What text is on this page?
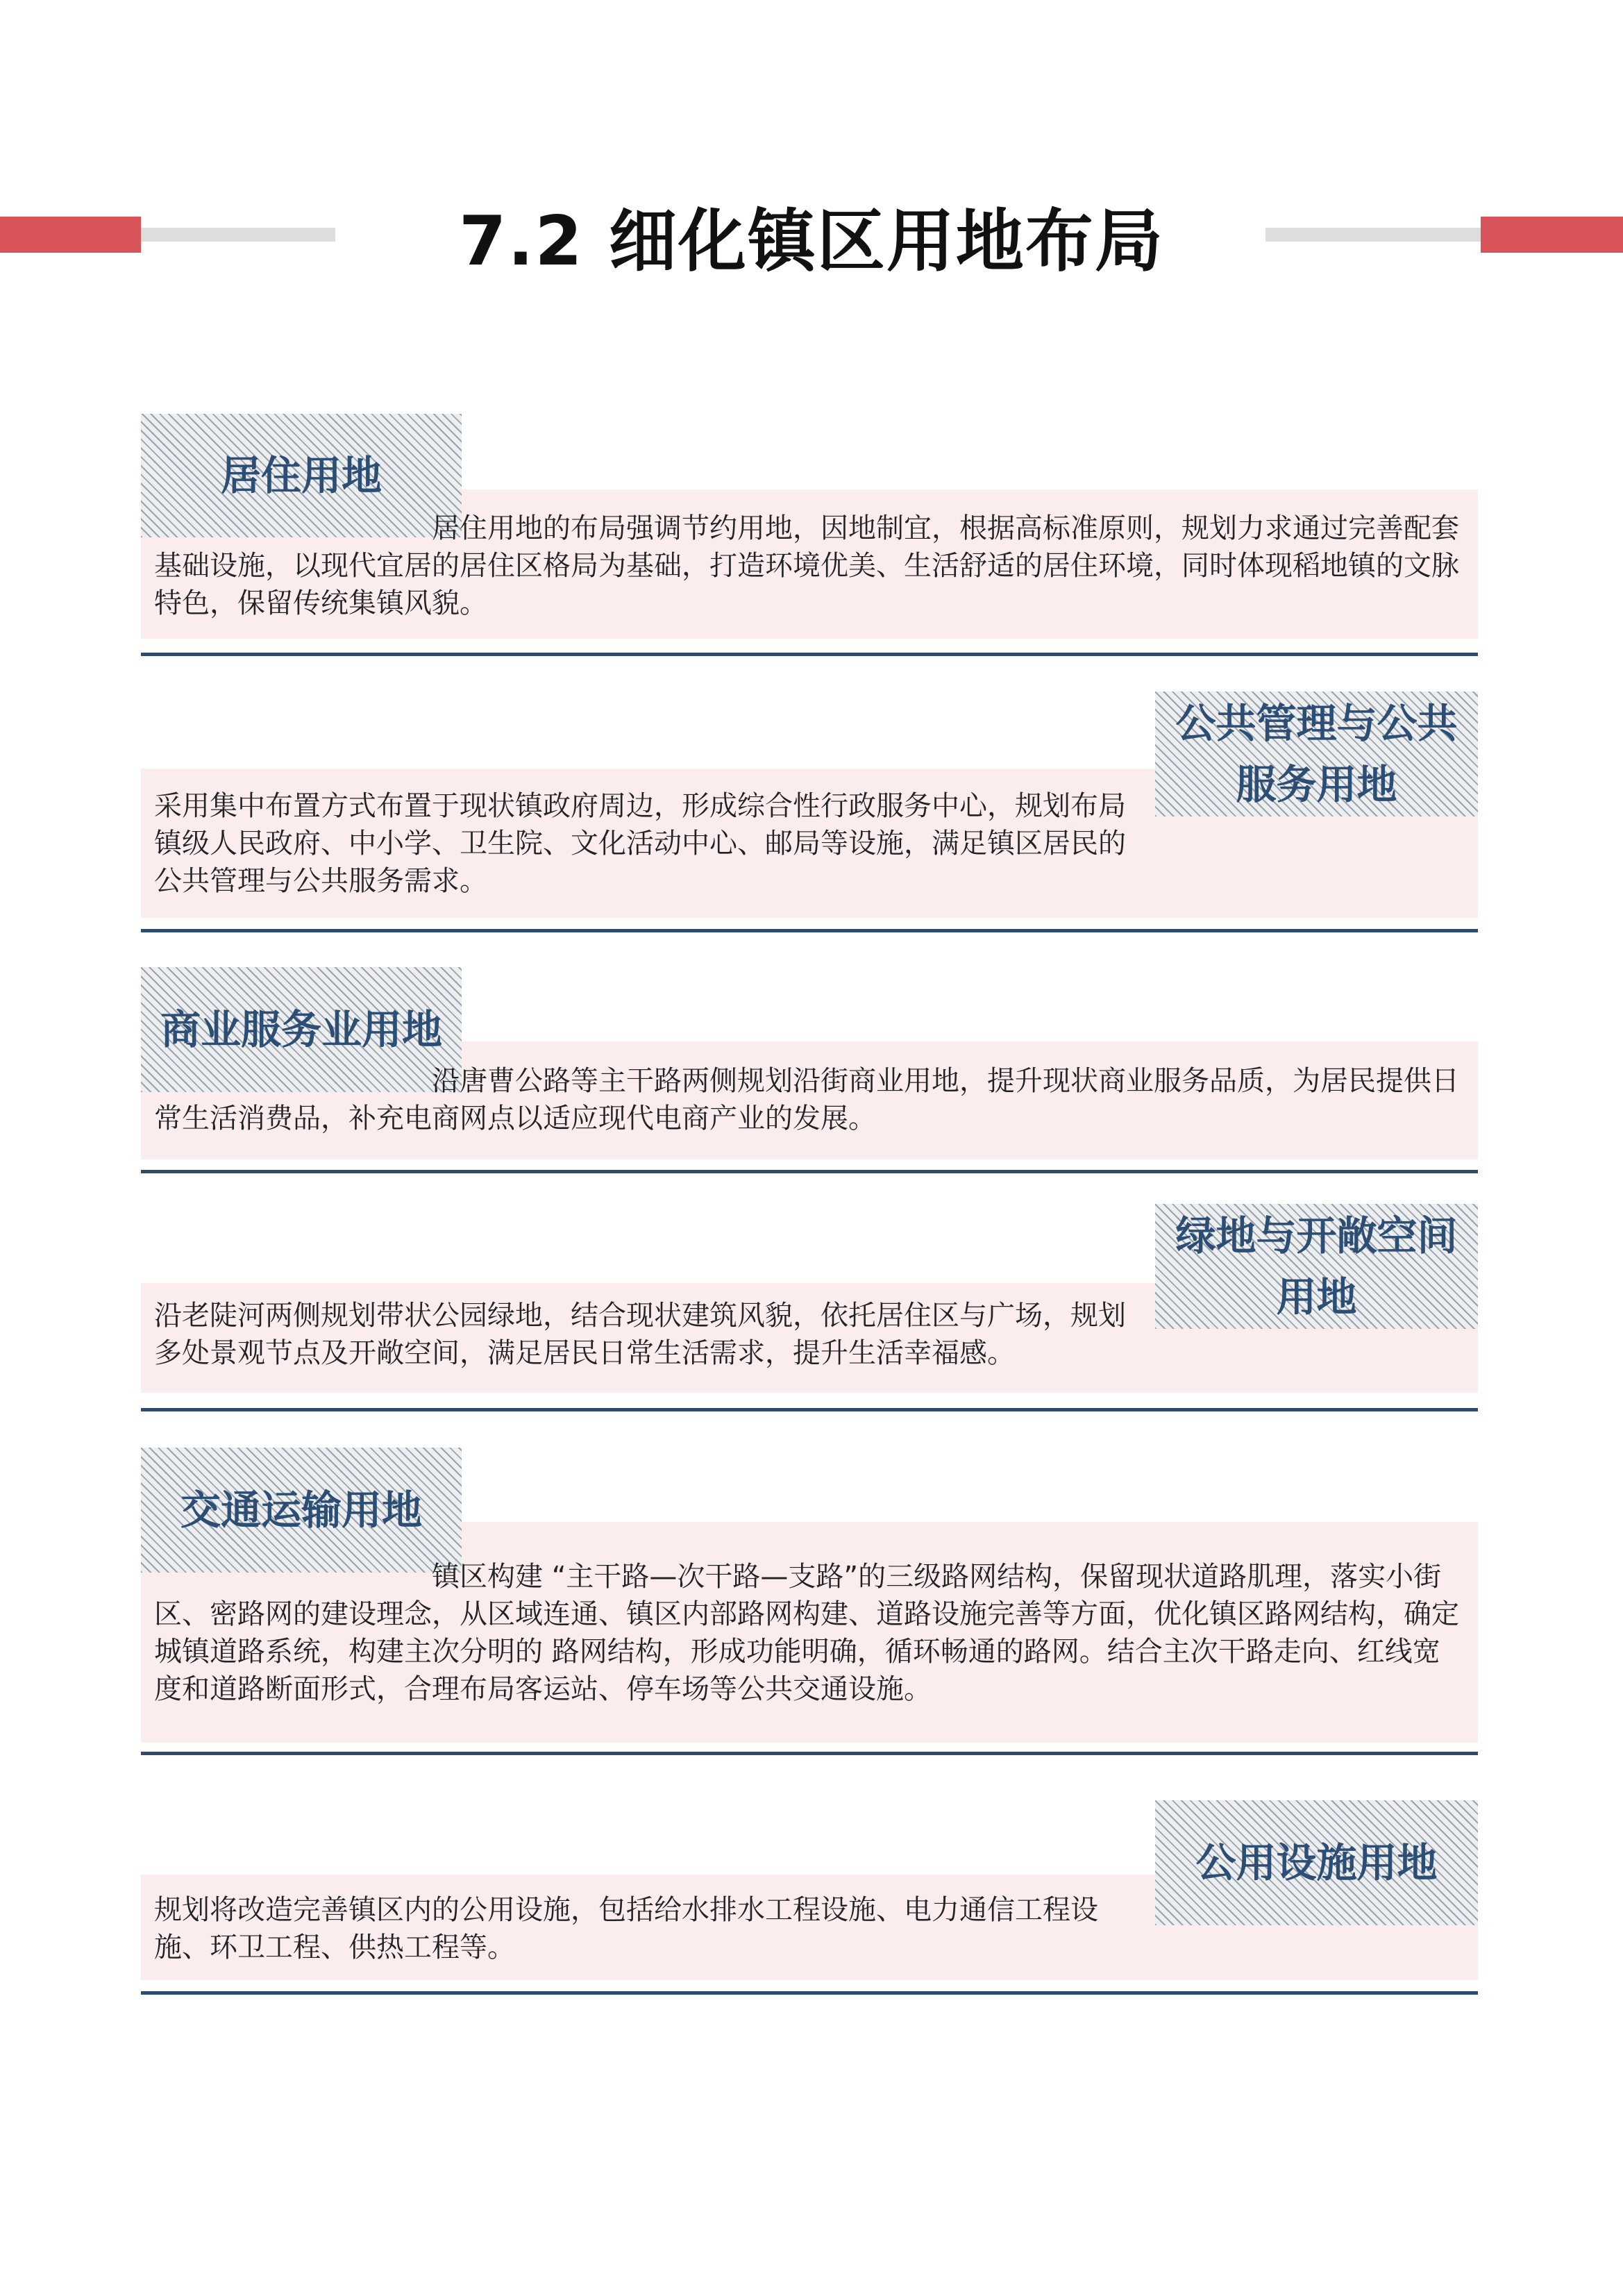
7.2 细化镇区用地布局
居住用地

　　　　　　　　　　居住用地的布局强调节约用地，因地制宜，根据高标准原则，规划力求通过完善配套基础设施，以现代宜居的居住区格局为基础，打造环境优美、生活舒适的居住环境，同时体现稻地镇的文脉特色，保留传统集镇风貌。

公共管理与公共服务用地

采用集中布置方式布置于现状镇政府周边，形成综合性行政服务中心，规划布局镇级人民政府、中小学、卫生院、文化活动中心、邮局等设施，满足镇区居民的公共管理与公共服务需求。

商业服务业用地

　　　　　　　　　　沿唐曹公路等主干路两侧规划沿街商业用地，提升现状商业服务品质，为居民提供日常生活消费品，补充电商网点以适应现代电商产业的发展。

绿地与开敞空间用地

沿老陡河两侧规划带状公园绿地，结合现状建筑风貌，依托居住区与广场，规划多处景观节点及开敞空间，满足居民日常生活需求，提升生活幸福感。

交通运输用地

　　　　　　　　　　镇区构建 “主干路—次干路—支路”的三级路网结构，保留现状道路肌理，落实小街区、密路网的建设理念，从区域连通、镇区内部路网构建、道路设施完善等方面，优化镇区路网结构，确定城镇道路系统，构建主次分明的 路网结构，形成功能明确，循环畅通的路网。结合主次干路走向、红线宽度和道路断面形式，合理布局客运站、停车场等公共交通设施。

公用设施用地

规划将改造完善镇区内的公用设施，包括给水排水工程设施、电力通信工程设施、环卫工程、供热工程等。
